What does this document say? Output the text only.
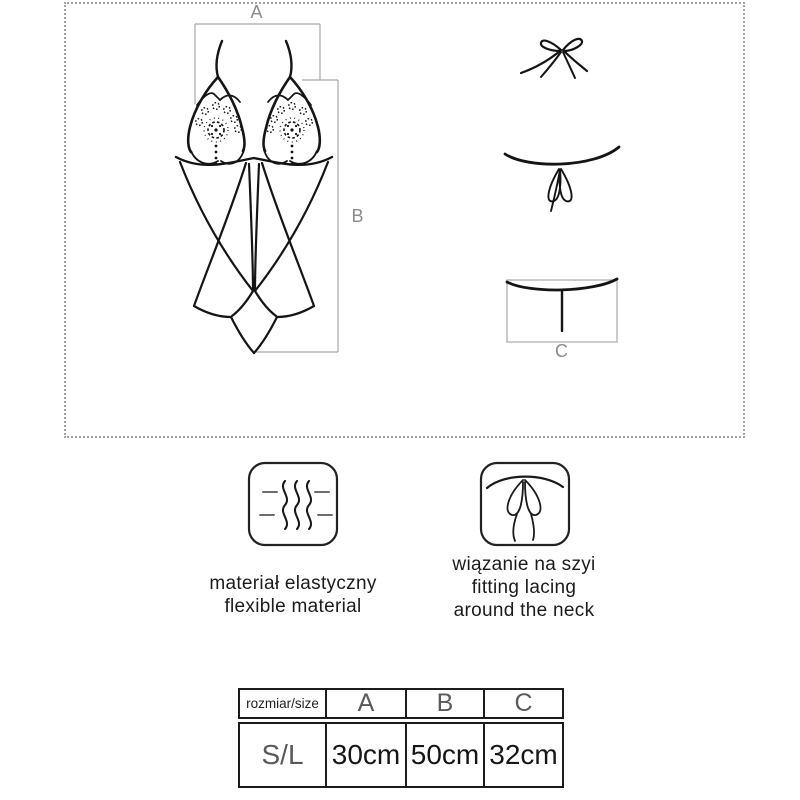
A
B
C
materiał elastyczny
flexible material
wiązanie na szyi
fitting lacing
around the neck
rozmiar/size	A	B	C
S/L	30cm 50cm 32cm
